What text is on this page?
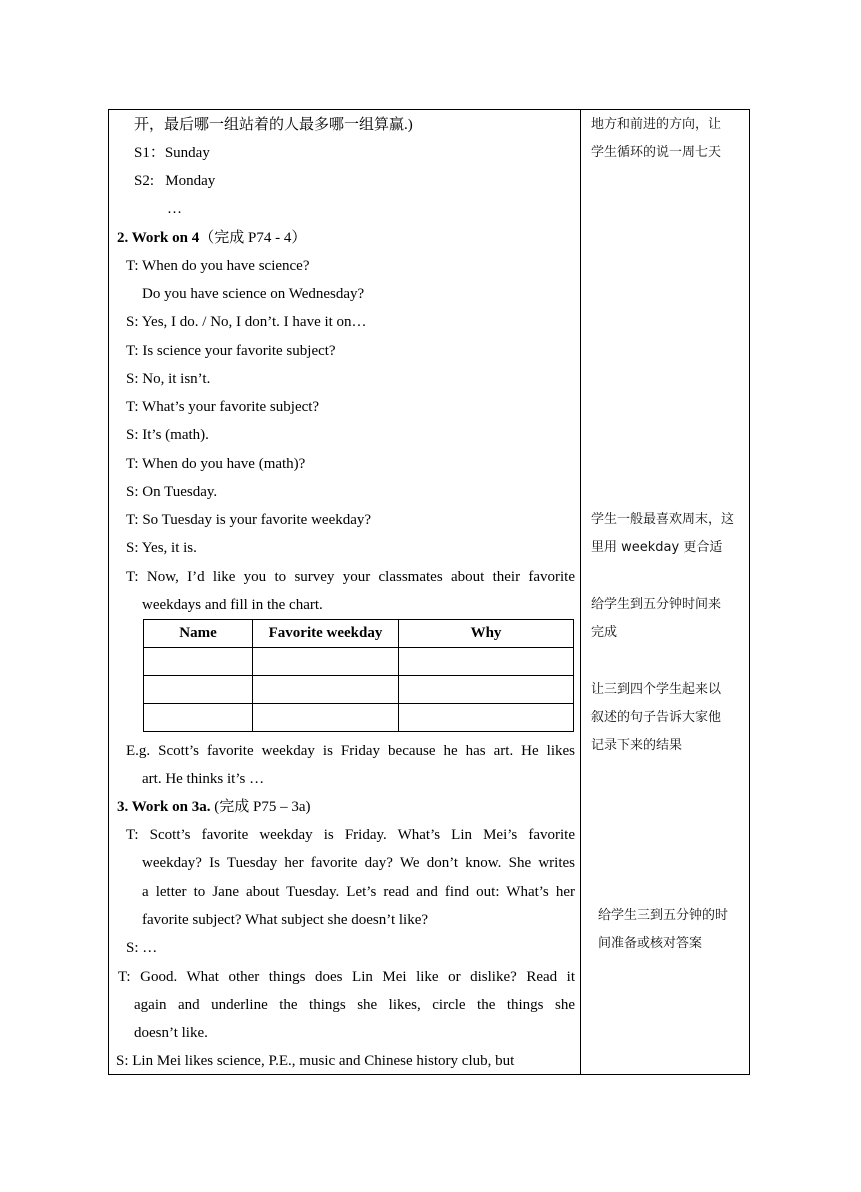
开，最后哪一组站着的人最多哪一组算赢.)
S1：Sunday
S2:   Monday
…
2. Work on 4（完成 P74 - 4）
T: When do you have science?
Do you have science on Wednesday?
S: Yes, I do. / No, I don’t. I have it on…
T: Is science your favorite subject?
S: No, it isn’t.
T: What’s your favorite subject?
S: It’s (math).
T: When do you have (math)?
S: On Tuesday.
T: So Tuesday is your favorite weekday?
S: Yes, it is.
T: Now, I’d like you to survey your classmates about their favorite
weekdays and fill in the chart.
Name	Favorite weekday	Why

E.g. Scott’s favorite weekday is Friday because he has art. He likes
art. He thinks it’s …
3. Work on 3a. (完成 P75 – 3a)
T: Scott’s favorite weekday is Friday. What’s Lin Mei’s favorite
weekday? Is Tuesday her favorite day? We don’t know. She writes
a letter to Jane about Tuesday. Let’s read and find out: What’s her
favorite subject? What subject she doesn’t like?
S: …
T: Good. What other things does Lin Mei like or dislike? Read it
again and underline the things she likes, circle the things she
doesn’t like.
S: Lin Mei likes science, P.E., music and Chinese history club, but
地方和前进的方向，让
学生循环的说一周七天
学生一般最喜欢周末，这
里用 weekday 更合适
给学生到五分钟时间来
完成
让三到四个学生起来以
叙述的句子告诉大家他
记录下来的结果
给学生三到五分钟的时
间准备或核对答案
